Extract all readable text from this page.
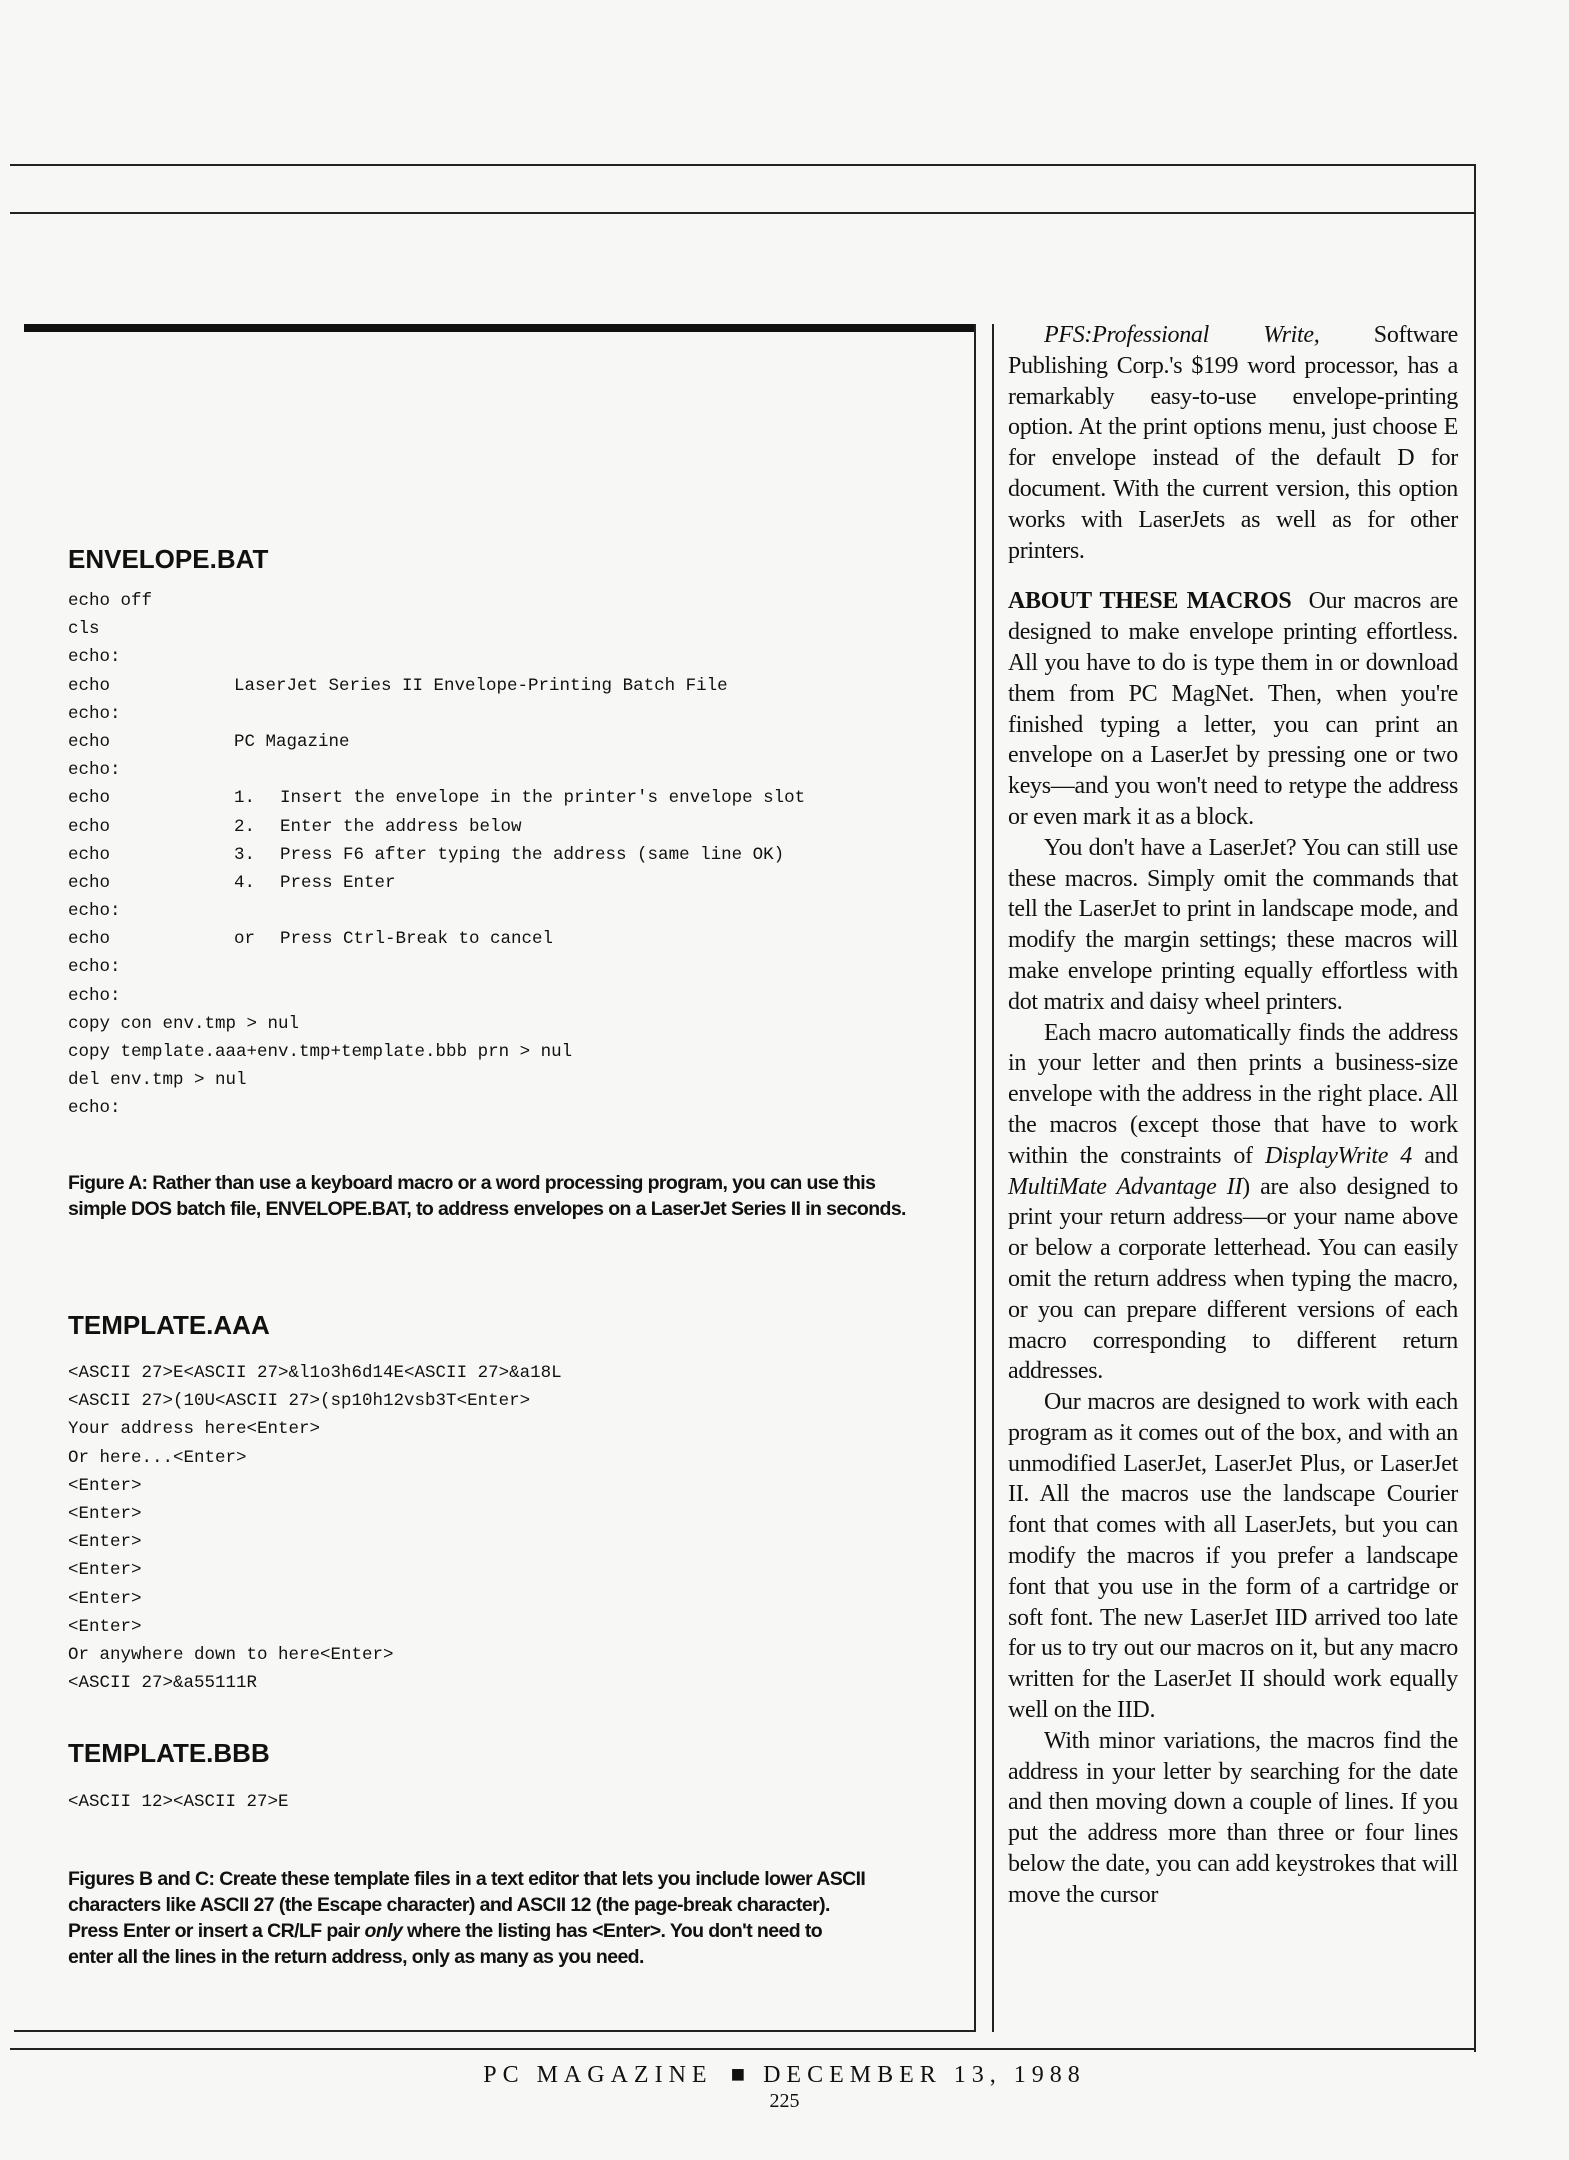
ENVELOPE.BAT
echo off
cls
echo:
echo	LaserJet Series II Envelope-Printing Batch File
echo:
echo	PC Magazine
echo:
echo	1. Insert the envelope in the printer's envelope slot
echo	2. Enter the address below
echo	3. Press F6 after typing the address (same line OK)
echo	4. Press Enter
echo:
echo	or Press Ctrl-Break to cancel
echo:
echo:
copy con env.tmp > nul
copy template.aaa+env.tmp+template.bbb prn > nul
del env.tmp > nul
echo:
Figure A: Rather than use a keyboard macro or a word processing program, you can use this simple DOS batch file, ENVELOPE.BAT, to address envelopes on a LaserJet Series II in seconds.
TEMPLATE.AAA
<ASCII 27>E<ASCII 27>&l1o3h6d14E<ASCII 27>&a18L
<ASCII 27>(10U<ASCII 27>(sp10h12vsb3T<Enter>
Your address here<Enter>
Or here...<Enter>
<Enter>
<Enter>
<Enter>
<Enter>
<Enter>
<Enter>
Or anywhere down to here<Enter>
<ASCII 27>&a55111R
TEMPLATE.BBB
<ASCII 12><ASCII 27>E
Figures B and C: Create these template files in a text editor that lets you include lower ASCII characters like ASCII 27 (the Escape character) and ASCII 12 (the page-break character). Press Enter or insert a CR/LF pair only where the listing has <Enter>. You don't need to enter all the lines in the return address, only as many as you need.

PFS:Professional Write, Software Publishing Corp.'s $199 word processor, has a remarkably easy-to-use envelope-printing option. At the print options menu, just choose E for envelope instead of the default D for document. With the current version, this option works with LaserJets as well as for other printers.

ABOUT THESE MACROS Our macros are designed to make envelope printing effortless. All you have to do is type them in or download them from PC MagNet. Then, when you're finished typing a letter, you can print an envelope on a LaserJet by pressing one or two keys—and you won't need to retype the address or even mark it as a block.

You don't have a LaserJet? You can still use these macros. Simply omit the commands that tell the LaserJet to print in landscape mode, and modify the margin settings; these macros will make envelope printing equally effortless with dot matrix and daisy wheel printers.

Each macro automatically finds the address in your letter and then prints a business-size envelope with the address in the right place. All the macros (except those that have to work within the constraints of DisplayWrite 4 and MultiMate Advantage II) are also designed to print your return address—or your name above or below a corporate letterhead. You can easily omit the return address when typing the macro, or you can prepare different versions of each macro corresponding to different return addresses.

Our macros are designed to work with each program as it comes out of the box, and with an unmodified LaserJet, LaserJet Plus, or LaserJet II. All the macros use the landscape Courier font that comes with all LaserJets, but you can modify the macros if you prefer a landscape font that you use in the form of a cartridge or soft font. The new LaserJet IID arrived too late for us to try out our macros on it, but any macro written for the LaserJet II should work equally well on the IID.

With minor variations, the macros find the address in your letter by searching for the date and then moving down a couple of lines. If you put the address more than three or four lines below the date, you can add keystrokes that will move the cursor

PC MAGAZINE ■ DECEMBER 13, 1988
225
